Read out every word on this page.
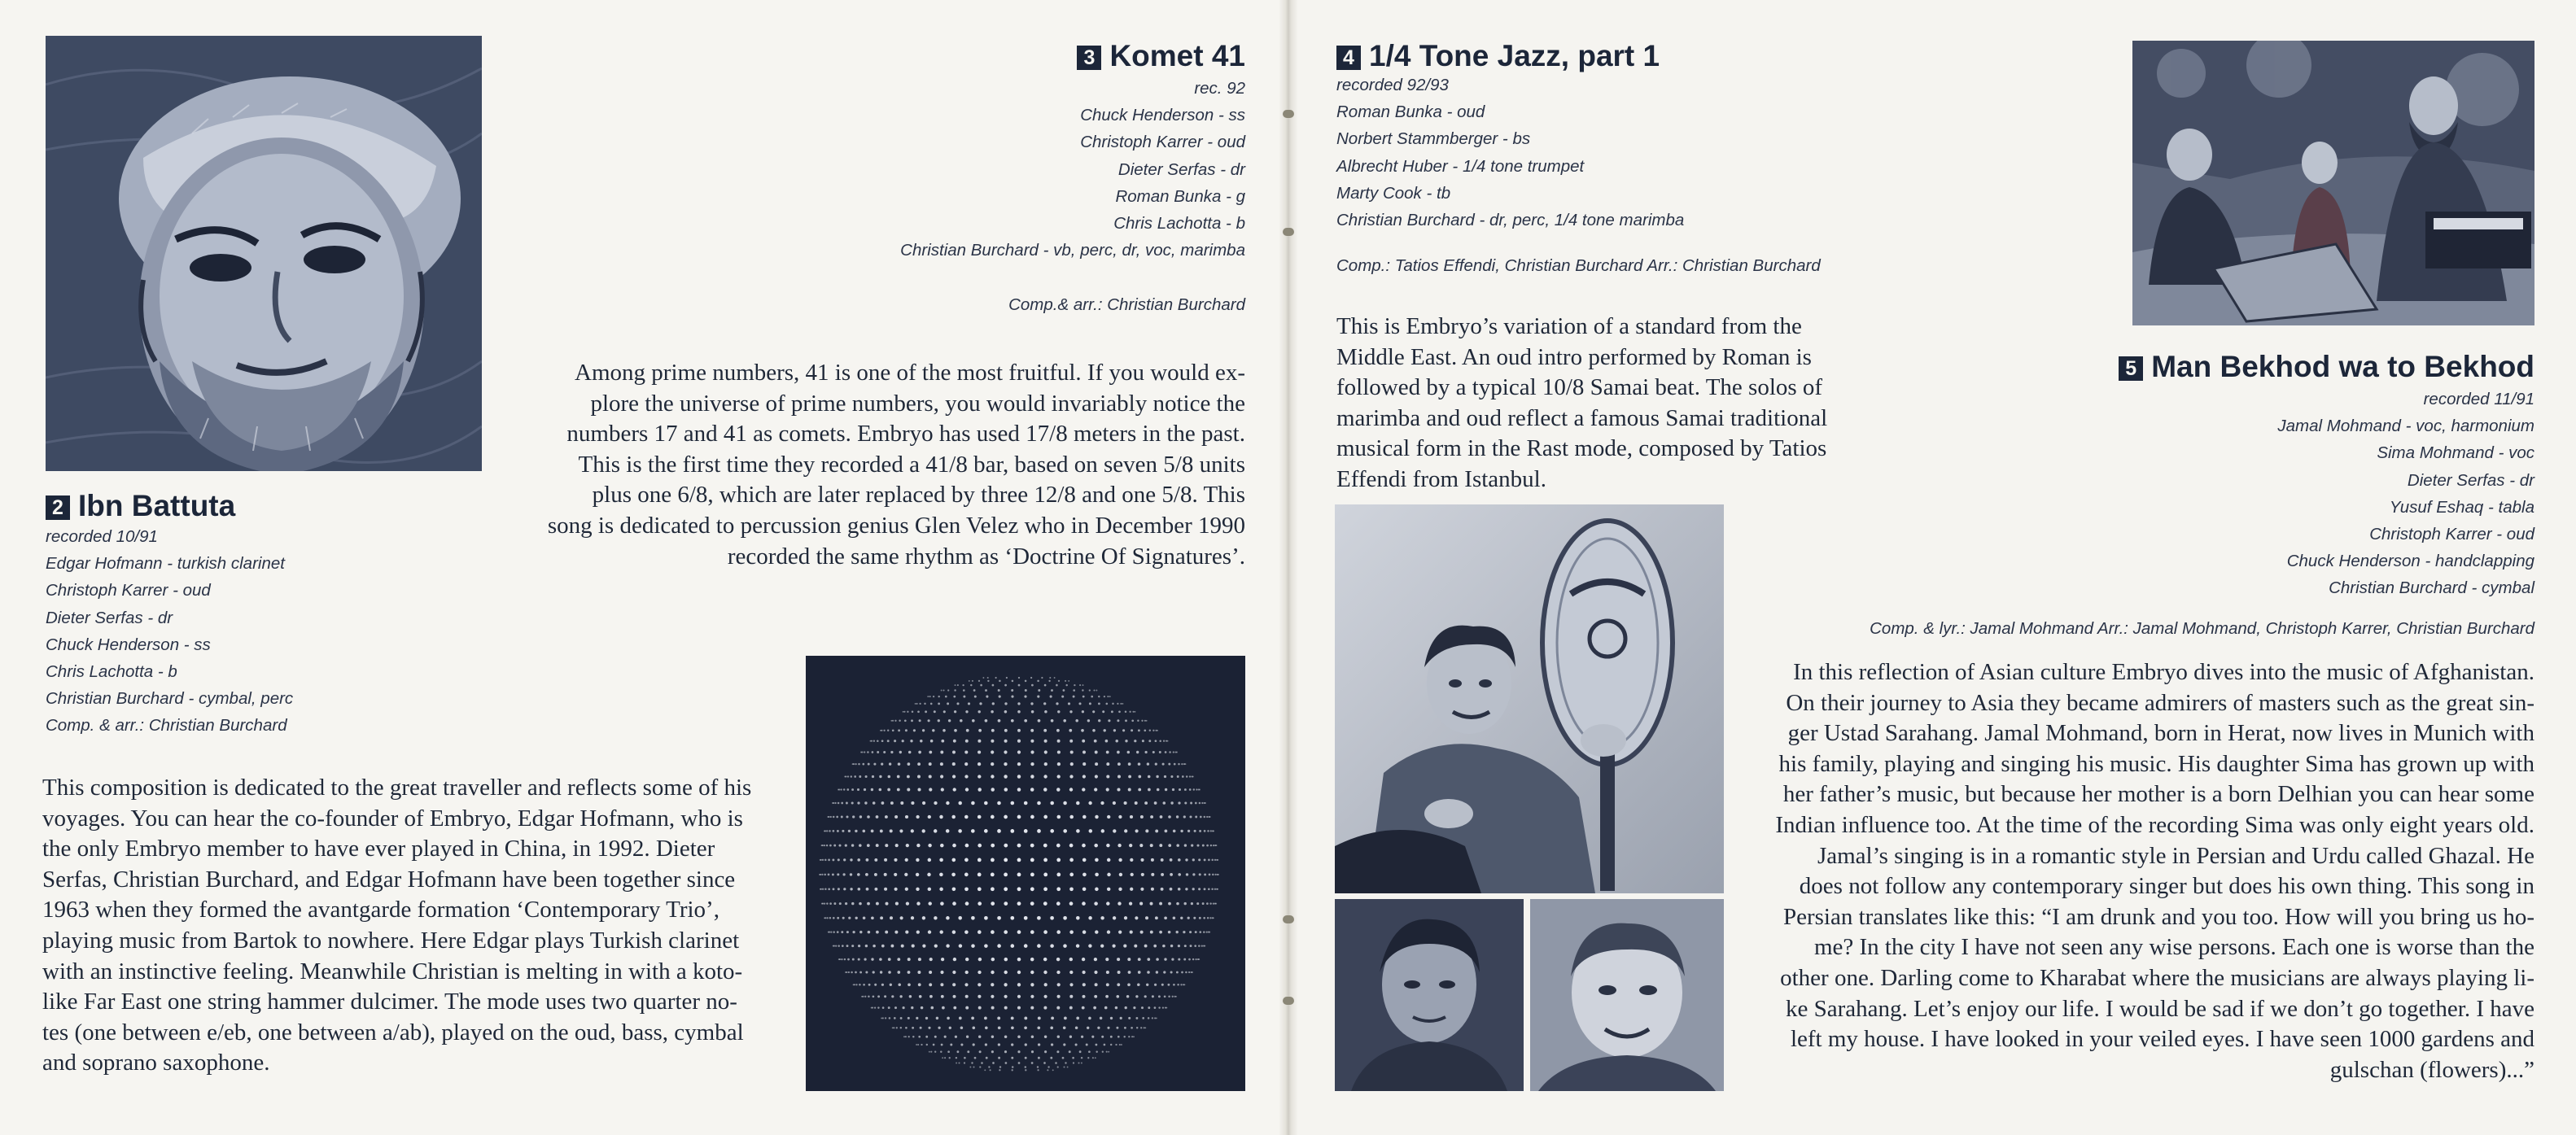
2 Ibn Battuta
recorded 10/91
Edgar Hofmann - turkish clarinet
Christoph Karrer - oud
Dieter Serfas - dr
Chuck Henderson - ss
Chris Lachotta - b
Christian Burchard - cymbal, perc
Comp. & arr.: Christian Burchard

This composition is dedicated to the great traveller and reflects some of his

voyages. You can hear the co-founder of Embryo, Edgar Hofmann, who is

the only Embryo member to have ever played in China, in 1992. Dieter

Serfas, Christian Burchard, and Edgar Hofmann have been together since

1963 when they formed the avantgarde formation ‘Contemporary Trio’,

playing music from Bartok to nowhere. Here Edgar plays Turkish clarinet

with an instinctive feeling. Meanwhile Christian is melting in with a koto-

like Far East one string hammer dulcimer. The mode uses two quarter no-

tes (one between e/eb, one between a/ab), played on the oud, bass, cymbal

and soprano saxophone.

3 Komet 41
rec. 92
Chuck Henderson - ss
Christoph Karrer - oud
Dieter Serfas - dr
Roman Bunka - g
Chris Lachotta - b
Christian Burchard - vb, perc, dr, voc, marimba
Comp.& arr.: Christian Burchard

Among prime numbers, 41 is one of the most fruitful. If you would ex-

plore the universe of prime numbers, you would invariably notice the

numbers 17 and 41 as comets. Embryo has used 17/8 meters in the past.

This is the first time they recorded a 41/8 bar, based on seven 5/8 units

plus one 6/8, which are later replaced by three 12/8 and one 5/8. This

song is dedicated to percussion genius Glen Velez who in December 1990

recorded the same rhythm as ‘Doctrine Of Signatures’.

4 1/4 Tone Jazz, part 1
recorded 92/93
Roman Bunka - oud
Norbert Stammberger - bs
Albrecht Huber - 1/4 tone trumpet
Marty Cook - tb
Christian Burchard - dr, perc, 1/4 tone marimba
Comp.: Tatios Effendi, Christian Burchard Arr.: Christian Burchard

This is Embryo’s variation of a standard from the

Middle East. An oud intro performed by Roman is

followed by a typical 10/8 Samai beat. The solos of

marimba and oud reflect a famous Samai traditional

musical form in the Rast mode, composed by Tatios

Effendi from Istanbul.

5 Man Bekhod wa to Bekhod
recorded 11/91
Jamal Mohmand - voc, harmonium
Sima Mohmand - voc
Dieter Serfas - dr
Yusuf Eshaq - tabla
Christoph Karrer - oud
Chuck Henderson - handclapping
Christian Burchard - cymbal
Comp. & lyr.: Jamal Mohmand Arr.: Jamal Mohmand, Christoph Karrer, Christian Burchard

In this reflection of Asian culture Embryo dives into the music of Afghanistan.

On their journey to Asia they became admirers of masters such as the great sin-

ger Ustad Sarahang. Jamal Mohmand, born in Herat, now lives in Munich with

his family, playing and singing his music. His daughter Sima has grown up with

her father’s music, but because her mother is a born Delhian you can hear some

Indian influence too. At the time of the recording Sima was only eight years old.

Jamal’s singing is in a romantic style in Persian and Urdu called Ghazal. He

does not follow any contemporary singer but does his own thing. This song in

Persian translates like this: “I am drunk and you too. How will you bring us ho-

me? In the city I have not seen any wise persons. Each one is worse than the

other one. Darling come to Kharabat where the musicians are always playing li-

ke Sarahang. Let’s enjoy our life. I would be sad if we don’t go together. I have

left my house. I have looked in your veiled eyes. I have seen 1000 gardens and

gulschan (flowers)...”
